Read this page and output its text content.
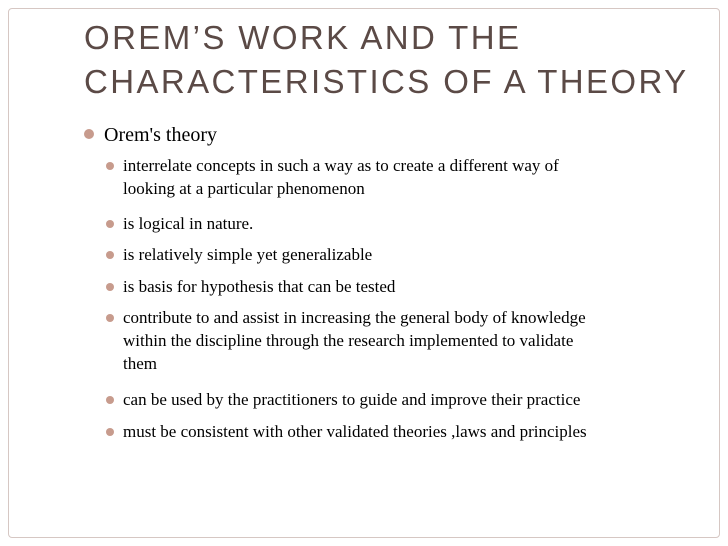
OREM’S WORK AND THE
CHARACTERISTICS OF A THEORY
Orem's theory
interrelate concepts in such a way as to create a different way of
looking at a particular phenomenon
is logical in nature.
is relatively simple yet generalizable
is basis for hypothesis that can be tested
contribute to and assist in increasing the general body of knowledge
within the discipline through the research implemented to validate
them
can be used by the practitioners to guide and improve their practice
must be consistent with other validated theories ,laws and principles
